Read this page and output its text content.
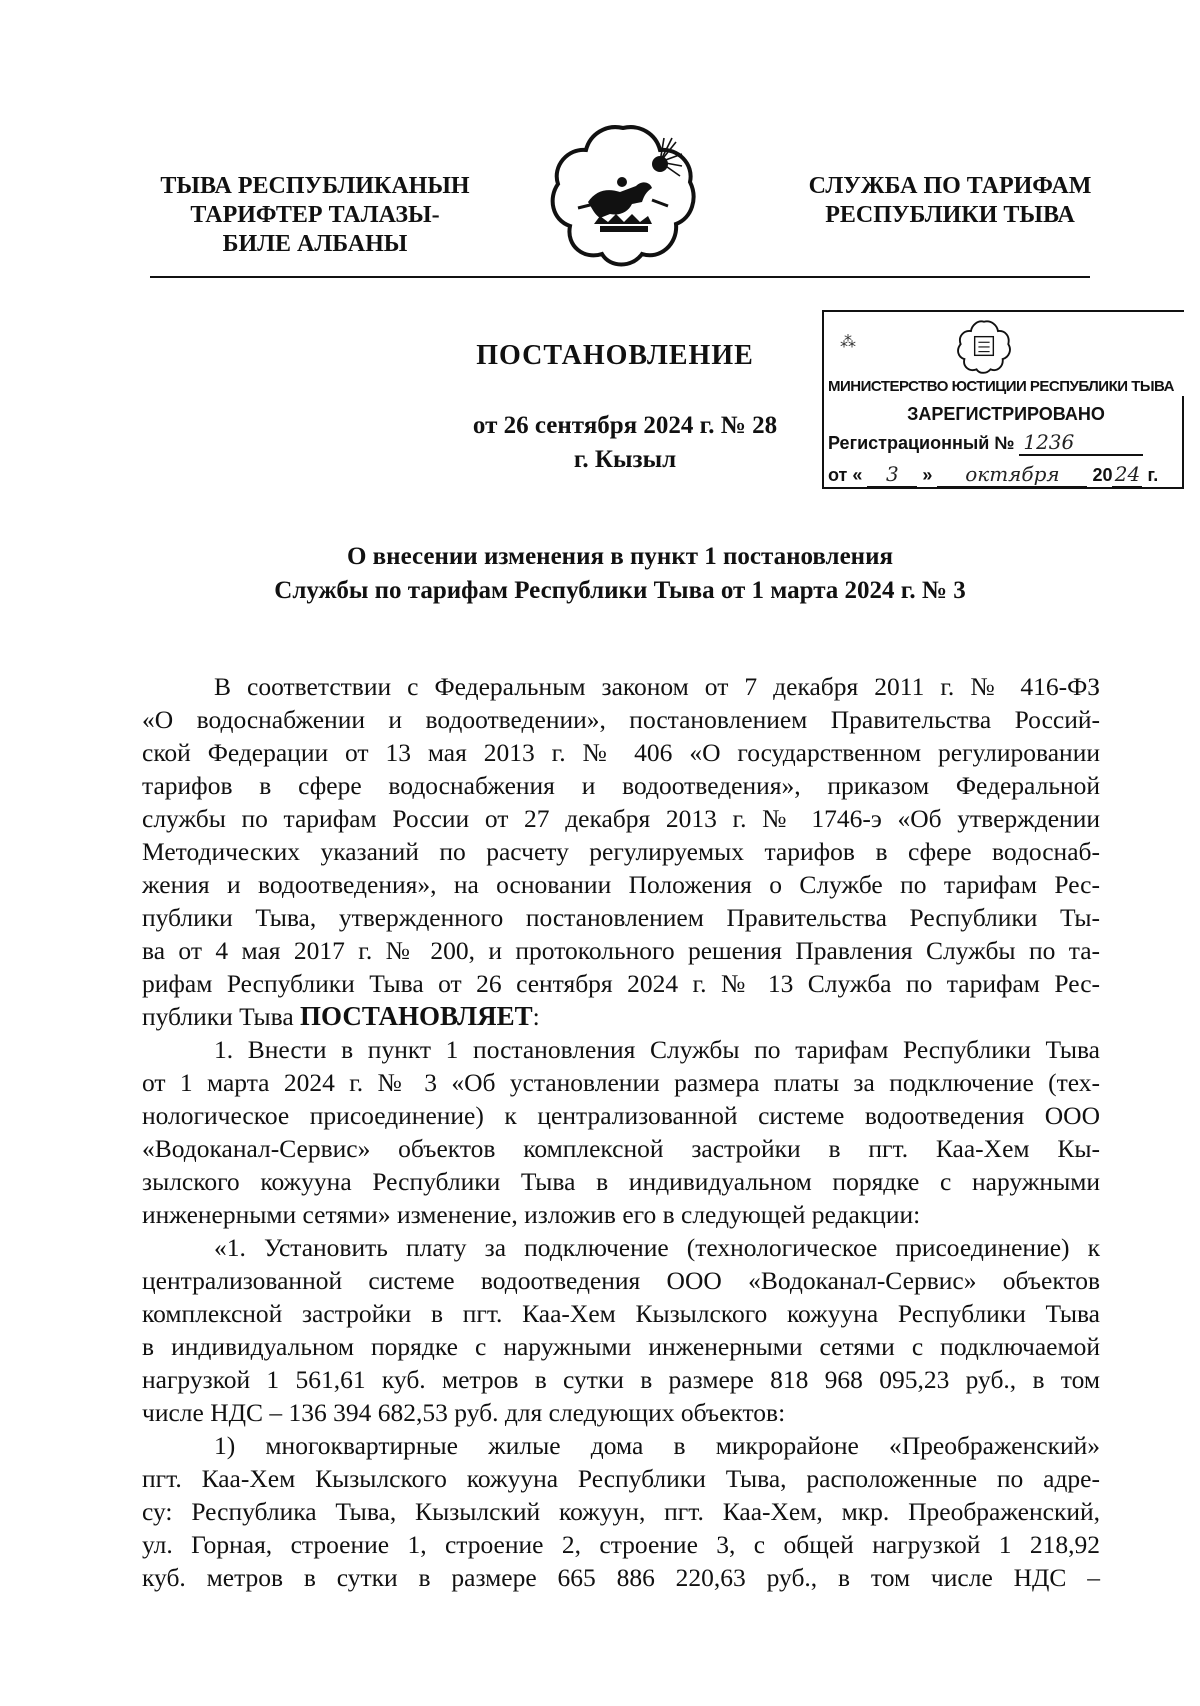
ТЫВА РЕСПУБЛИКАНЫН
ТАРИФТЕР ТАЛАЗЫ-
БИЛЕ АЛБАНЫ
СЛУЖБА ПО ТАРИФАМ
РЕСПУБЛИКИ ТЫВА
ПОСТАНОВЛЕНИЕ
от 26 сентября 2024 г. № 28
г. Кызыл
⁂
МИНИСТЕРСТВО ЮСТИЦИИ РЕСПУБЛИКИ ТЫВА
ЗАРЕГИСТРИРОВАНО
Регистрационный № 1236
от « 3 » октября 20 24 г.
О внесении изменения в пункт 1 постановления
Службы по тарифам Республики Тыва от 1 марта 2024 г. № 3
В соответствии с Федеральным законом от 7 декабря 2011 г. № 416-ФЗ
«О водоснабжении и водоотведении», постановлением Правительства Россий-
ской Федерации от 13 мая 2013 г. № 406 «О государственном регулировании
тарифов в сфере водоснабжения и водоотведения», приказом Федеральной
службы по тарифам России от 27 декабря 2013 г. № 1746-э «Об утверждении
Методических указаний по расчету регулируемых тарифов в сфере водоснаб-
жения и водоотведения», на основании Положения о Службе по тарифам Рес-
публики Тыва, утвержденного постановлением Правительства Республики Ты-
ва от 4 мая 2017 г. № 200, и протокольного решения Правления Службы по та-
рифам Республики Тыва от 26 сентября 2024 г. № 13 Служба по тарифам Рес-
публики Тыва ПОСТАНОВЛЯЕТ:
1. Внести в пункт 1 постановления Службы по тарифам Республики Тыва
от 1 марта 2024 г. № 3 «Об установлении размера платы за подключение (тех-
нологическое присоединение) к централизованной системе водоотведения ООО
«Водоканал-Сервис» объектов комплексной застройки в пгт. Каа-Хем Кы-
зылского кожууна Республики Тыва в индивидуальном порядке с наружными
инженерными сетями» изменение, изложив его в следующей редакции:
«1. Установить плату за подключение (технологическое присоединение) к
централизованной системе водоотведения ООО «Водоканал-Сервис» объектов
комплексной застройки в пгт. Каа-Хем Кызылского кожууна Республики Тыва
в индивидуальном порядке с наружными инженерными сетями с подключаемой
нагрузкой 1 561,61 куб. метров в сутки в размере 818 968 095,23 руб., в том
числе НДС – 136 394 682,53 руб. для следующих объектов:
1) многоквартирные жилые дома в микрорайоне «Преображенский»
пгт. Каа-Хем Кызылского кожууна Республики Тыва, расположенные по адре-
су: Республика Тыва, Кызылский кожуун, пгт. Каа-Хем, мкр. Преображенский,
ул. Горная, строение 1, строение 2, строение 3, с общей нагрузкой 1 218,92
куб. метров в сутки в размере 665 886 220,63 руб., в том числе НДС –
